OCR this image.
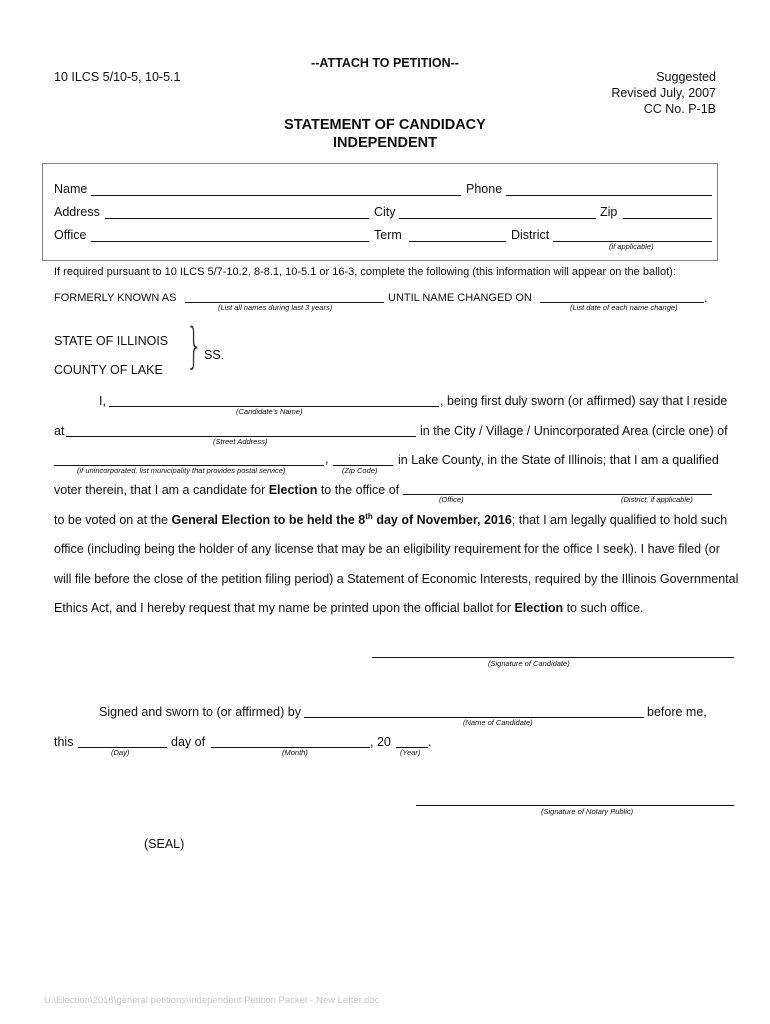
--ATTACH TO PETITION--
10 ILCS 5/10-5, 10-5.1	Suggested
Revised July, 2007
CC No. P-1B
STATEMENT OF CANDIDACY
INDEPENDENT
Name	Phone
Address	City	Zip
Office	Term	District
(if applicable)
If required pursuant to 10 ILCS 5/7-10.2, 8-8.1, 10-5.1 or 16-3, complete the following (this information will appear on the ballot):
FORMERLY KNOWN AS
(List all names during last 3 years)
UNTIL NAME CHANGED ON	.
(List date of each name change)
STATE OF ILLINOIS
COUNTY OF LAKE } SS.
I,	, being first duly sworn (or affirmed) say that I reside
(Candidate's Name)
at	in the City / Village / Unincorporated Area (circle one) of
(Street Address)
,	in Lake County, in the State of Illinois; that I am a qualified
(if unincorporated, list municipality that provides postal service)	(Zip Code)
voter therein, that I am a candidate for Election to the office of
(Office)	(District, if applicable)
to be voted on at the General Election to be held the 8th day of November, 2016; that I am legally qualified to hold such
office (including being the holder of any license that may be an eligibility requirement for the office I seek). I have filed (or
will file before the close of the petition filing period) a Statement of Economic Interests, required by the Illinois Governmental
Ethics Act, and I hereby request that my name be printed upon the official ballot for Election to such office.
(Signature of Candidate)
Signed and sworn to (or affirmed) by	before me,
(Name of Candidate)
this	day of	, 20	.
(Day)	(Month)	(Year)
(Signature of Notary Public)
(SEAL)
U:\Election\2016\general petitions\Independent Petition Packet - New Letter.doc
